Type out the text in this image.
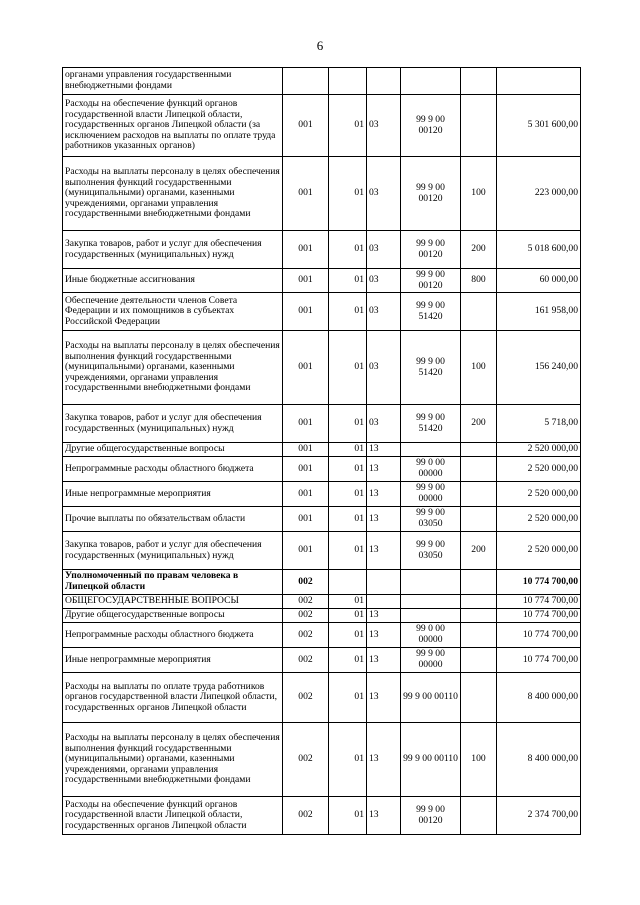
6
органами управления государственными внебюджетными фондами						
Расходы на обеспечение функций органов государственной власти Липецкой области, государственных органов Липецкой области (за исключением расходов на выплаты по оплате труда работников указанных органов)	001	01	03	99 9 00 00120		5 301 600,00
Расходы на выплаты персоналу в целях обеспечения выполнения функций государственными (муниципальными) органами, казенными учреждениями, органами управления государственными внебюджетными фондами	001	01	03	99 9 00 00120	100	223 000,00
Закупка товаров, работ и услуг для обеспечения государственных (муниципальных) нужд	001	01	03	99 9 00 00120	200	5 018 600,00
Иные бюджетные ассигнования	001	01	03	99 9 00 00120	800	60 000,00
Обеспечение деятельности членов Совета Федерации и их помощников в субъектах Российской Федерации	001	01	03	99 9 00 51420		161 958,00
Расходы на выплаты персоналу в целях обеспечения выполнения функций государственными (муниципальными) органами, казенными учреждениями, органами управления государственными внебюджетными фондами	001	01	03	99 9 00 51420	100	156 240,00
Закупка товаров, работ и услуг для обеспечения государственных (муниципальных) нужд	001	01	03	99 9 00 51420	200	5 718,00
Другие общегосударственные вопросы	001	01	13			2 520 000,00
Непрограммные расходы областного бюджета	001	01	13	99 0 00 00000		2 520 000,00
Иные непрограммные мероприятия	001	01	13	99 9 00 00000		2 520 000,00
Прочие выплаты по обязательствам области	001	01	13	99 9 00 03050		2 520 000,00
Закупка товаров, работ и услуг для обеспечения государственных (муниципальных) нужд	001	01	13	99 9 00 03050	200	2 520 000,00
Уполномоченный по правам человека в Липецкой области	002					10 774 700,00
ОБЩЕГОСУДАРСТВЕННЫЕ ВОПРОСЫ	002	01				10 774 700,00
Другие общегосударственные вопросы	002	01	13			10 774 700,00
Непрограммные расходы областного бюджета	002	01	13	99 0 00 00000		10 774 700,00
Иные непрограммные мероприятия	002	01	13	99 9 00 00000		10 774 700,00
Расходы на выплаты по оплате труда работников органов государственной власти Липецкой области, государственных органов Липецкой области	002	01	13	99 9 00 00110		8 400 000,00
Расходы на выплаты персоналу в целях обеспечения выполнения функций государственными (муниципальными) органами, казенными учреждениями, органами управления государственными внебюджетными фондами	002	01	13	99 9 00 00110	100	8 400 000,00
Расходы на обеспечение функций органов государственной власти Липецкой области, государственных органов Липецкой области	002	01	13	99 9 00 00120		2 374 700,00
